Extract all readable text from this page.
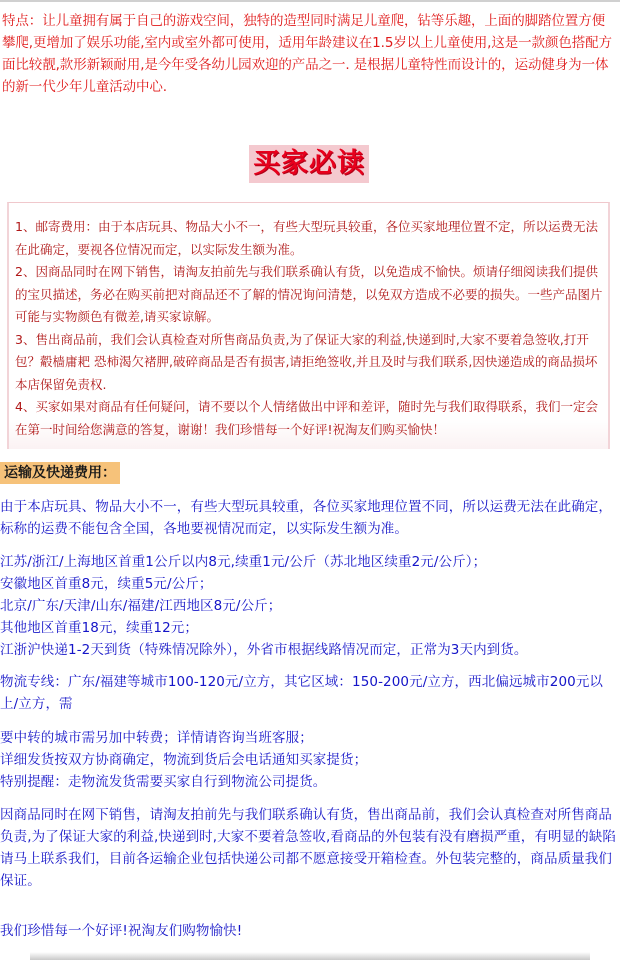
特点：让儿童拥有属于自己的游戏空间，独特的造型同时满足儿童爬，钻等乐趣，上面的脚踏位置方便攀爬,更增加了娱乐功能,室内或室外都可使用，适用年龄建议在1.5岁以上儿童使用,这是一款颜色搭配方面比较靓,款形新颖耐用,是今年受各幼儿园欢迎的产品之一. 是根据儿童特性而设计的，运动健身为一体的新一代少年儿童活动中心.

买家必读

1、邮寄费用：由于本店玩具、物品大小不一，有些大型玩具较重，各位买家地理位置不定，所以运费无法在此确定，要视各位情况而定，以实际发生额为准。

2、因商品同时在网下销售，请淘友拍前先与我们联系确认有货，以免造成不愉快。烦请仔细阅读我们提供的宝贝描述，务必在购买前把对商品还不了解的情况询问清楚，以免双方造成不必要的损失。一些产品图片可能与实物颜色有微差,请买家谅解。

3、售出商品前，我们会认真检查对所售商品负责,为了保证大家的利益,快递到时,大家不要着急签收,打开包？觳樯庸耙 恐柿渴欠褚胛,破碎商品是否有损害,请拒绝签收,并且及时与我们联系,因快递造成的商品损坏本店保留免责权.

4、买家如果对商品有任何疑问，请不要以个人情绪做出中评和差评，随时先与我们取得联系，我们一定会在第一时间给您满意的答复，谢谢！我们珍惜每一个好评!祝淘友们购买愉快！

运输及快递费用：

由于本店玩具、物品大小不一，有些大型玩具较重，各位买家地理位置不同，所以运费无法在此确定，标称的运费不能包含全国，各地要视情况而定，以实际发生额为准。

江苏/浙江/上海地区首重1公斤以内8元,续重1元/公斤（苏北地区续重2元/公斤）；

安徽地区首重8元，续重5元/公斤；

北京/广东/天津/山东/福建/江西地区8元/公斤；

其他地区首重18元，续重12元；

江浙沪快递1-2天到货（特殊情况除外），外省市根据线路情况而定，正常为3天内到货。

物流专线：广东/福建等城市100-120元/立方，其它区域：150-200元/立方，西北偏远城市200元以上/立方，需

要中转的城市需另加中转费；详情请咨询当班客服；

详细发货按双方协商确定，物流到货后会电话通知买家提货；

特别提醒：走物流发货需要买家自行到物流公司提货。

因商品同时在网下销售，请淘友拍前先与我们联系确认有货，售出商品前，我们会认真检查对所售商品负责,为了保证大家的利益,快递到时,大家不要着急签收,看商品的外包装有没有磨损严重，有明显的缺陷请马上联系我们，目前各运输企业包括快递公司都不愿意接受开箱检查。外包装完整的，商品质量我们保证。

我们珍惜每一个好评!祝淘友们购物愉快!
